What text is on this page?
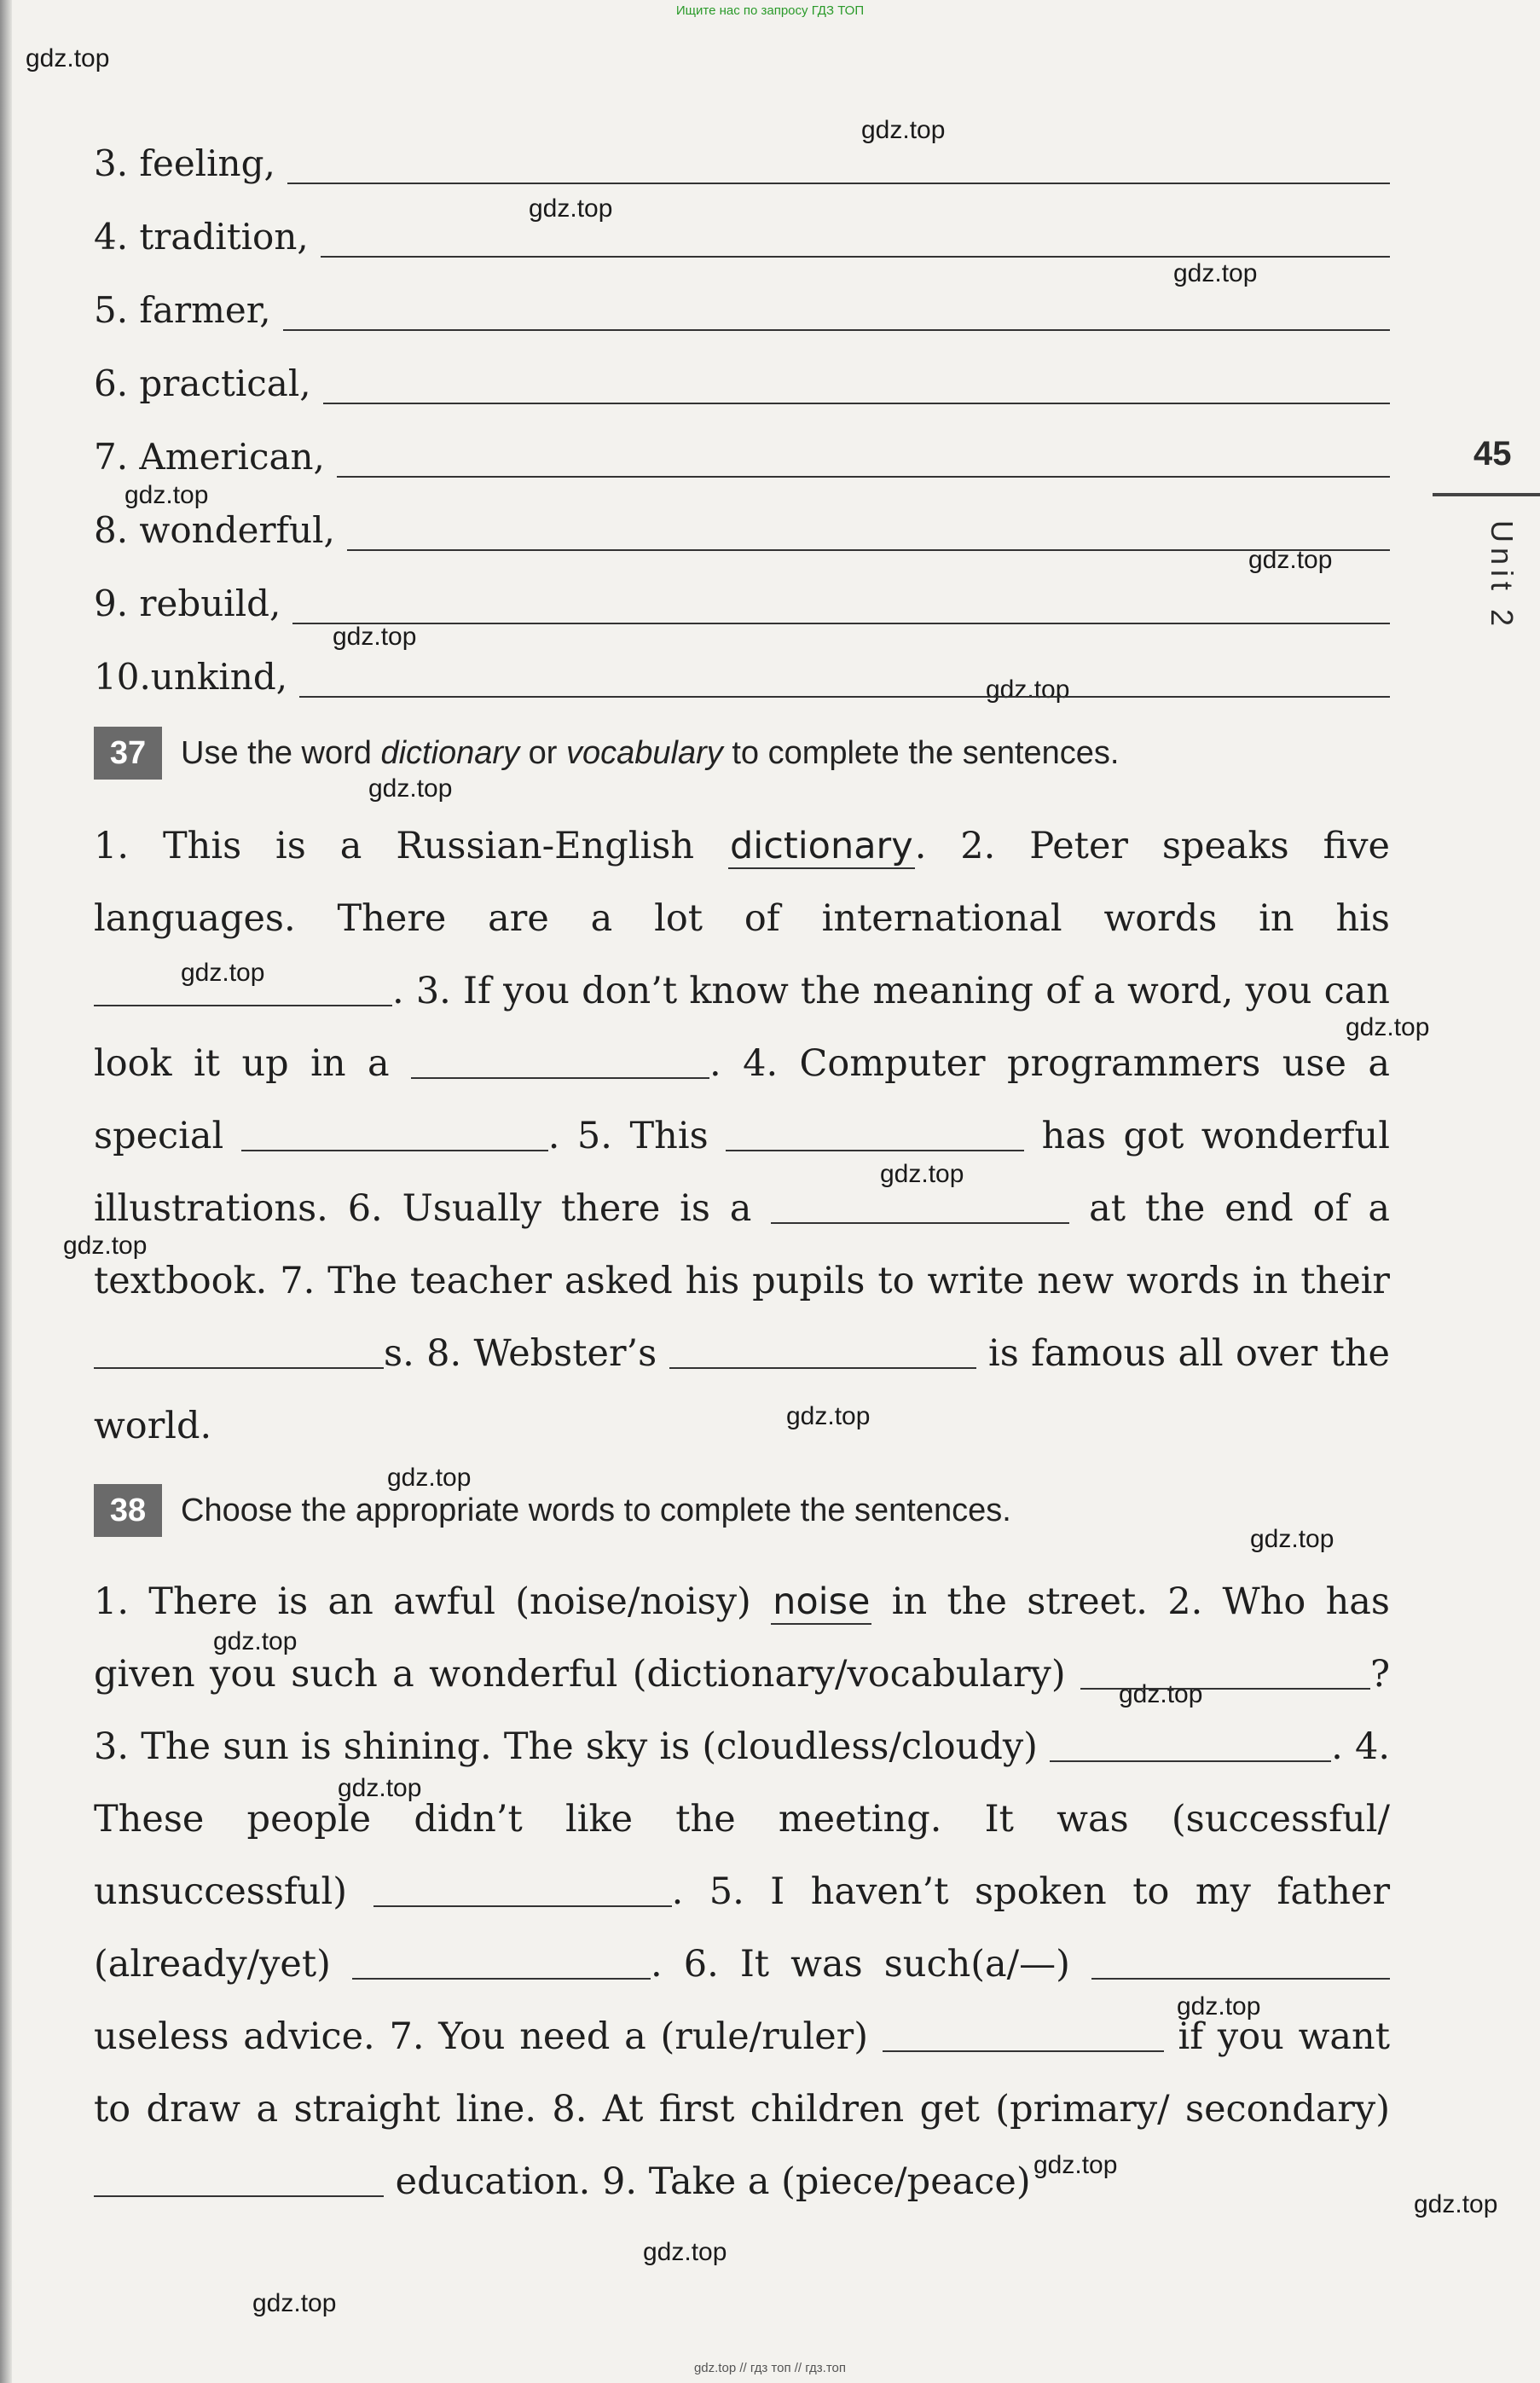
Ищите нас по запросу ГДЗ ТОП
gdz.top
gdz.top
gdz.top
gdz.top
gdz.top
gdz.top
gdz.top
gdz.top
gdz.top
gdz.top
gdz.top
gdz.top
gdz.top
gdz.top
gdz.top
gdz.top
gdz.top
gdz.top
gdz.top
gdz.top
gdz.top
gdz.top
gdz.top
gdz.top
45
Unit 2
3. feeling,
4. tradition,
5. farmer,
6. practical,
7. American,
8. wonderful,
9. rebuild,
10.unkind,
37	Use the word dictionary or vocabulary to complete the sentences.
1. This is a Russian-English dictionary. 2. Peter speaks five languages. There are a lot of international words in his . 3. If you don’t know the meaning of a word, you can look it up in a	. 4. Computer programmers use a special	. 5. This	has got wonderful illustrations. 6. Usually there is a	at the end of a textbook. 7. The teacher asked his pupils to write new words in their s. 8. Webster’s	is famous all over the world.
38	Choose the appropriate words to complete the sentences.
1. There is an awful (noise/noisy) noise in the street. 2. Who has given you such a wonderful (dictionary/vocabulary)	? 3. The sun is shining. The sky is (cloudless/cloudy)	. 4. These people didn’t like the meeting. It was (successful/ unsuccessful)	. 5. I haven’t spoken to my father (already/yet)	. 6. It was such(a/—)  useless advice. 7. You need a (rule/ruler)	if you want to draw a straight line. 8. At first children get (primary/ secondary)  education. 9. Take a (piece/peace)
gdz.top // гдз топ // гдз.топ
